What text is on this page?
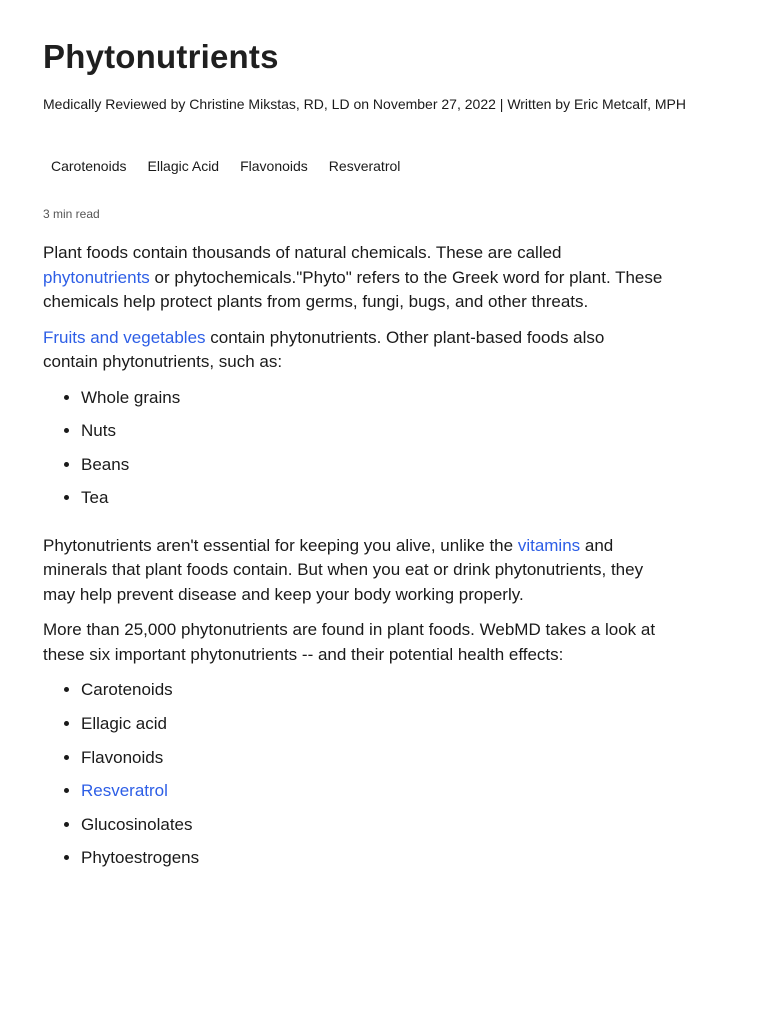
Phytonutrients
Medically Reviewed by Christine Mikstas, RD, LD on November 27, 2022 | Written by Eric Metcalf, MPH
Carotenoids Ellagic Acid Flavonoids Resveratrol
3 min read

Plant foods contain thousands of natural chemicals. These are called phytonutrients or phytochemicals."Phyto" refers to the Greek word for plant. These chemicals help protect plants from germs, fungi, bugs, and other threats.

Fruits and vegetables contain phytonutrients. Other plant-based foods also contain phytonutrients, such as:

• Whole grains
• Nuts
• Beans
• Tea

Phytonutrients aren't essential for keeping you alive, unlike the vitamins and minerals that plant foods contain. But when you eat or drink phytonutrients, they may help prevent disease and keep your body working properly.

More than 25,000 phytonutrients are found in plant foods. WebMD takes a look at these six important phytonutrients -- and their potential health effects:

• Carotenoids
• Ellagic acid
• Flavonoids
• Resveratrol
• Glucosinolates
• Phytoestrogens
